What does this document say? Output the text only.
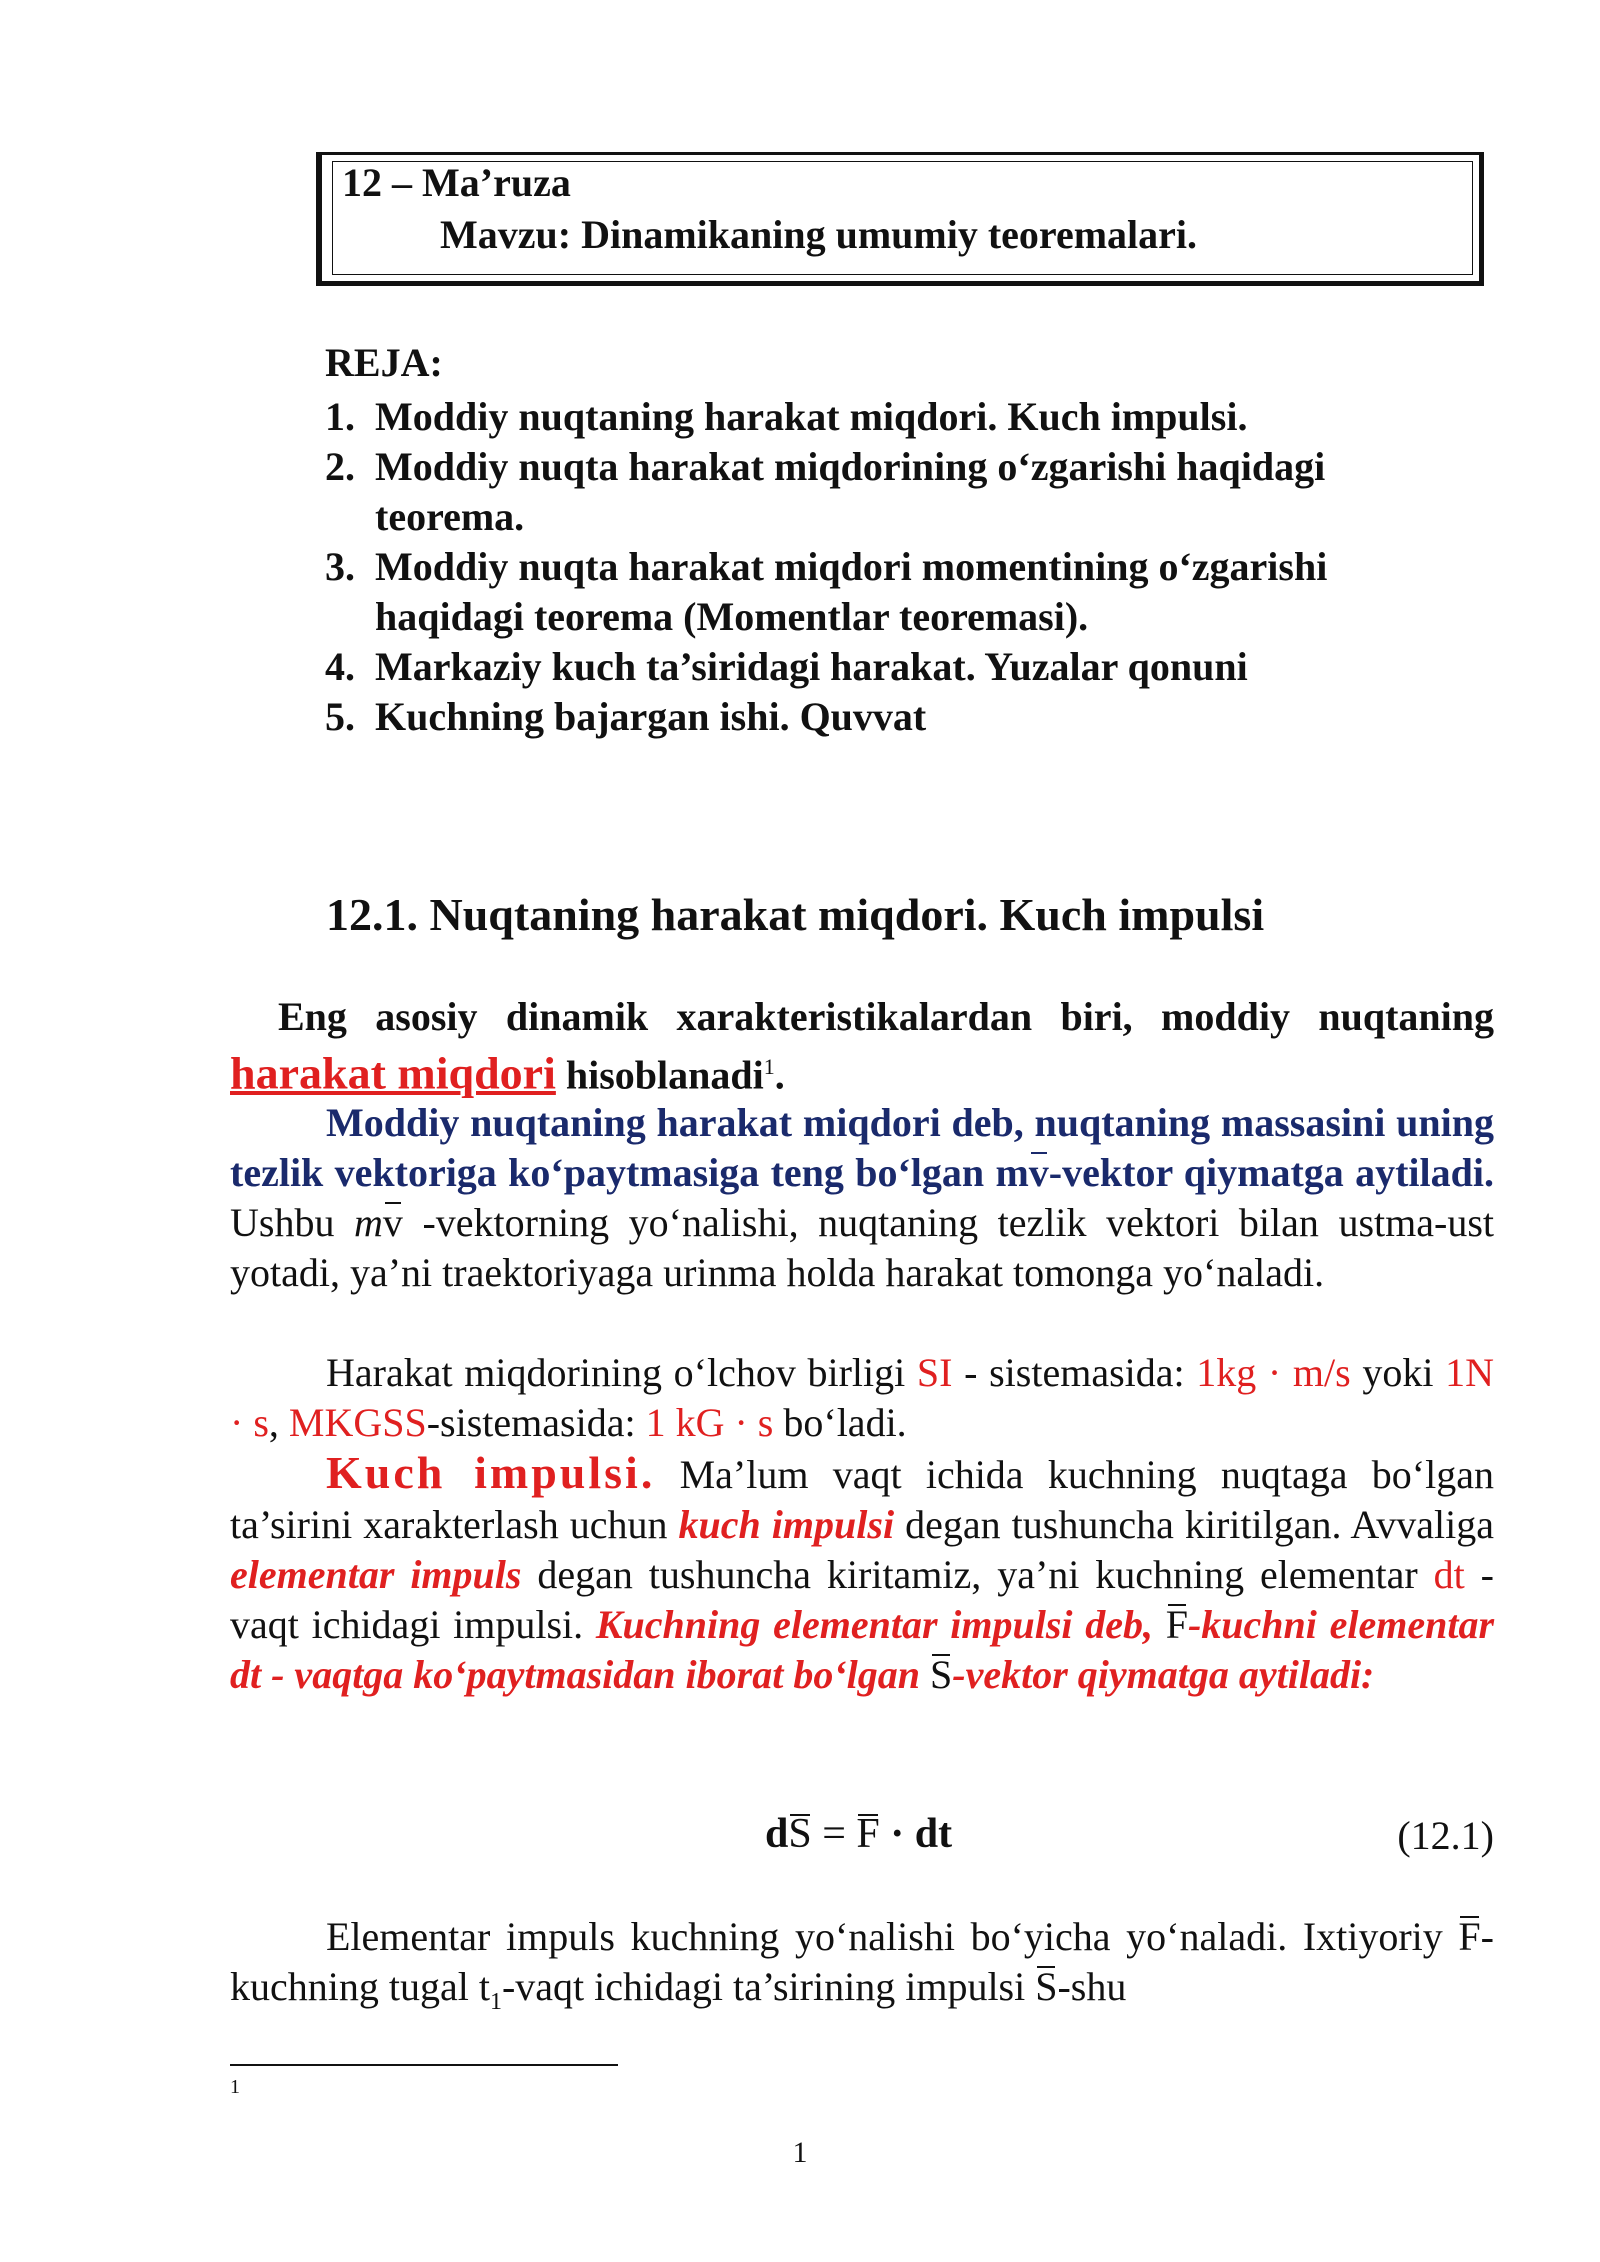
12 – Ma’ruza
Mavzu: Dinamikaning umumiy teoremalari.
REJA:
1. Moddiy nuqtaning harakat miqdori. Kuch impulsi.
2. Moddiy nuqta harakat miqdorining o‘zgarishi haqidagi teorema.
3. Moddiy nuqta harakat miqdori momentining o‘zgarishi haqidagi teorema (Momentlar teoremasi).
4. Markaziy kuch ta’siridagi harakat. Yuzalar qonuni
5. Kuchning bajargan ishi. Quvvat
12.1. Nuqtaning harakat miqdori. Kuch impulsi
Eng asosiy dinamik xarakteristikalardan biri, moddiy nuqtaning harakat miqdori hisoblanadi$^1$.
Moddiy nuqtaning harakat miqdori deb, nuqtaning massasini uning tezlik vektoriga ko‘paytmasiga teng bo‘lgan mv-vektor qiymatga aytiladi. Ushbu mv -vektorning yo‘nalishi, nuqtaning tezlik vektori bilan ustma-ust yotadi, ya’ni traektoriyaga urinma holda harakat tomonga yo‘naladi.
Harakat miqdorining o‘lchov birligi SI - sistemasida: 1kg · m/s yoki 1N · s, MKGSS-sistemasida: 1 kG · s bo‘ladi.
Kuch impulsi. Ma’lum vaqt ichida kuchning nuqtaga bo‘lgan ta’sirini xarakterlash uchun kuch impulsi degan tushuncha kiritilgan. Avvaliga elementar impuls degan tushuncha kiritamiz, ya’ni kuchning elementar dt -vaqt ichidagi impulsi. Kuchning elementar impulsi deb, F-kuchni elementar dt - vaqtga ko‘paytmasidan iborat bo‘lgan S-vektor qiymatga aytiladi:
dS = F · dt	(12.1)
Elementar impuls kuchning yo‘nalishi bo‘yicha yo‘naladi. Ixtiyoriy F-kuchning tugal $t_1$-vaqt ichidagi ta’sirining impulsi S-shu
1
1
